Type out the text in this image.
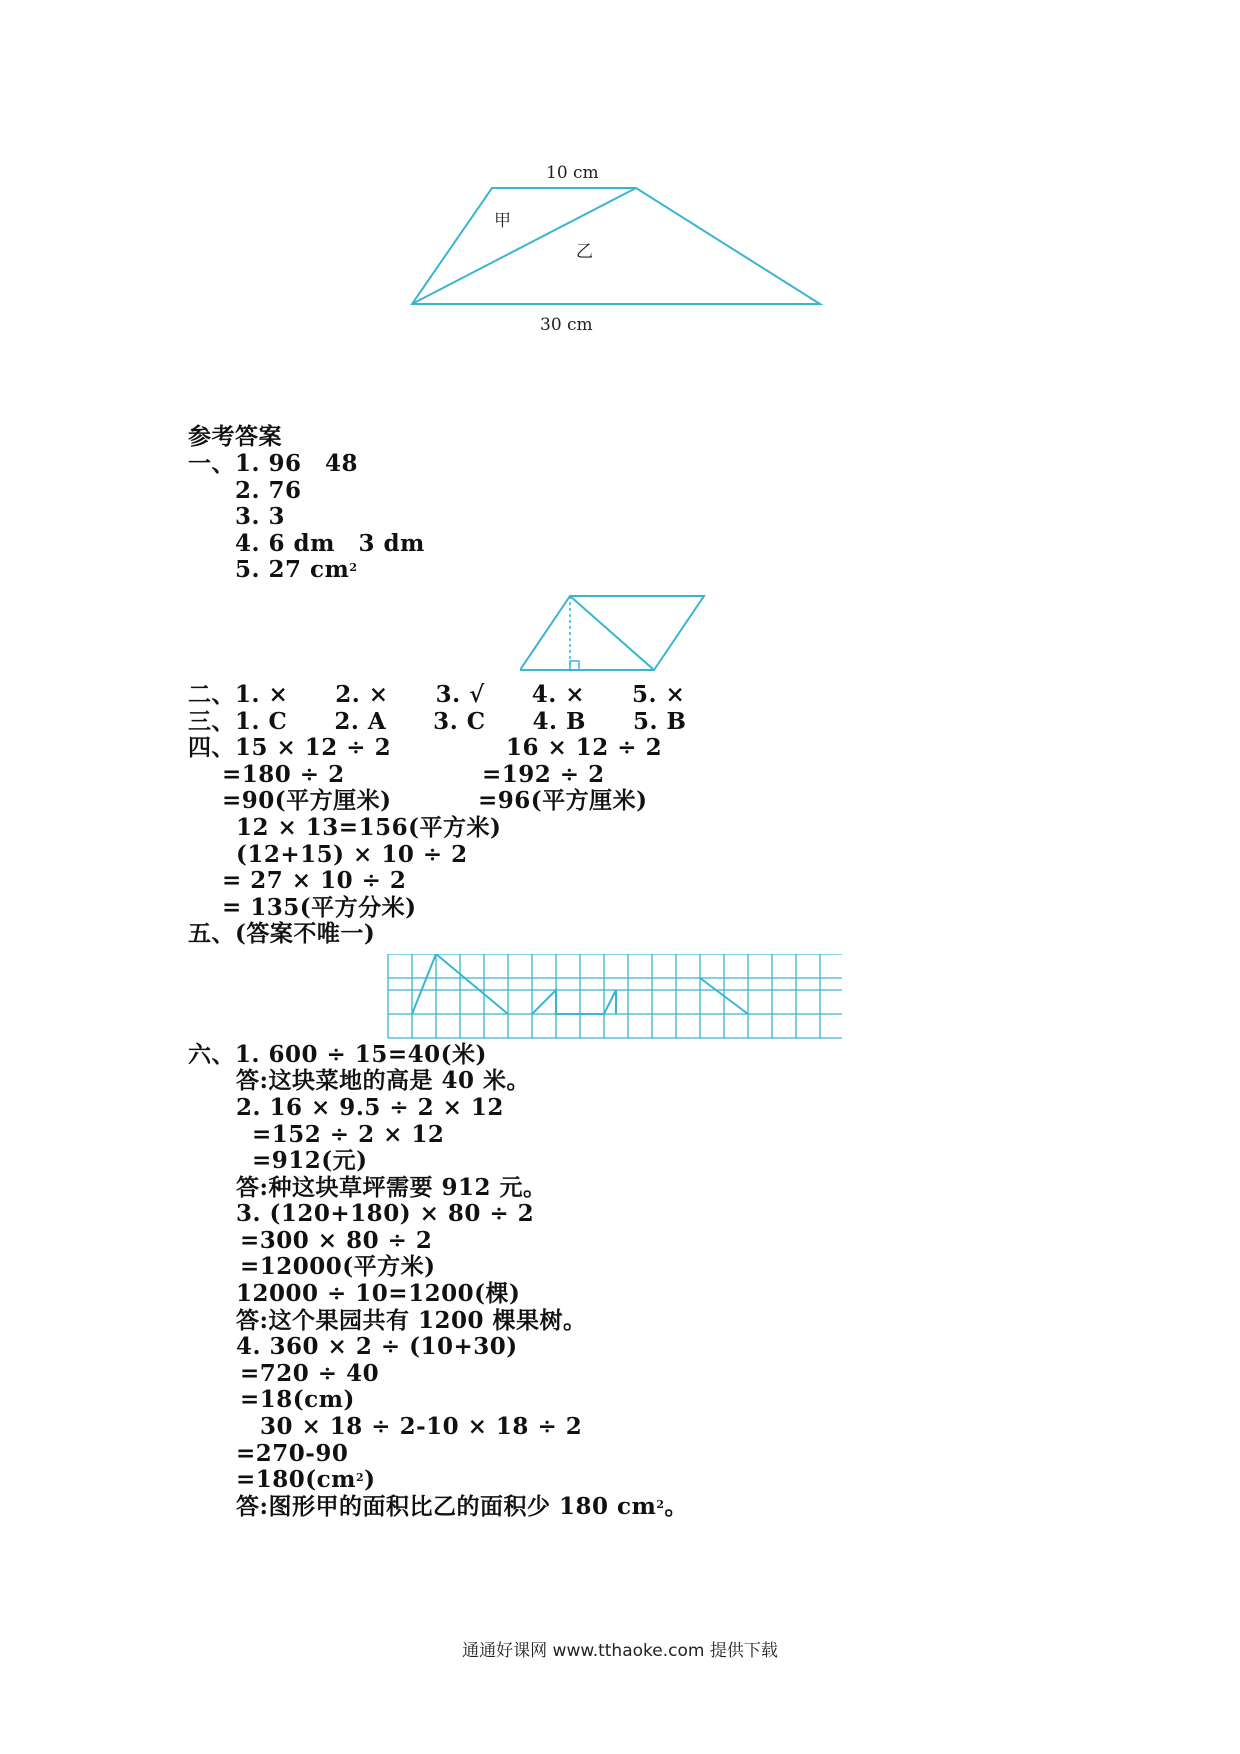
10 cm
30 cm
甲
乙
参考答案
一、1. 96　48
　　2. 76
　　3. 3
　　4. 6 dm　3 dm
　　5. 27 $cm^2$
二、1. ×　　2. ×　　3. √　　4. ×　　5. ×
三、1. C　　2. A　　3. C　　4. B　　5. B
四、15 × 12 ÷ 2	16 × 12 ÷ 2
=180 ÷ 2	=192 ÷ 2
=90(平方厘米)	=96(平方厘米)
12 × 13=156(平方米)
(12+15) × 10 ÷ 2
= 27 × 10 ÷ 2
= 135(平方分米)
五、(答案不唯一)
六、1. 600 ÷ 15=40(米)
答:这块菜地的高是 40 米。
2. 16 × 9.5 ÷ 2 × 12
=152 ÷ 2 × 12
=912(元)
答:种这块草坪需要 912 元。
3. (120+180) × 80 ÷ 2
=300 × 80 ÷ 2
=12000(平方米)
12000 ÷ 10=1200(棵)
答:这个果园共有 1200 棵果树。
4. 360 × 2 ÷ (10+30)
=720 ÷ 40
=18(cm)
30 × 18 ÷ 2-10 × 18 ÷ 2
=270-90
$=180(cm^2)$
答:图形甲的面积比乙的面积少 180 $cm^2$。
通通好课网 www.tthaoke.com 提供下载
